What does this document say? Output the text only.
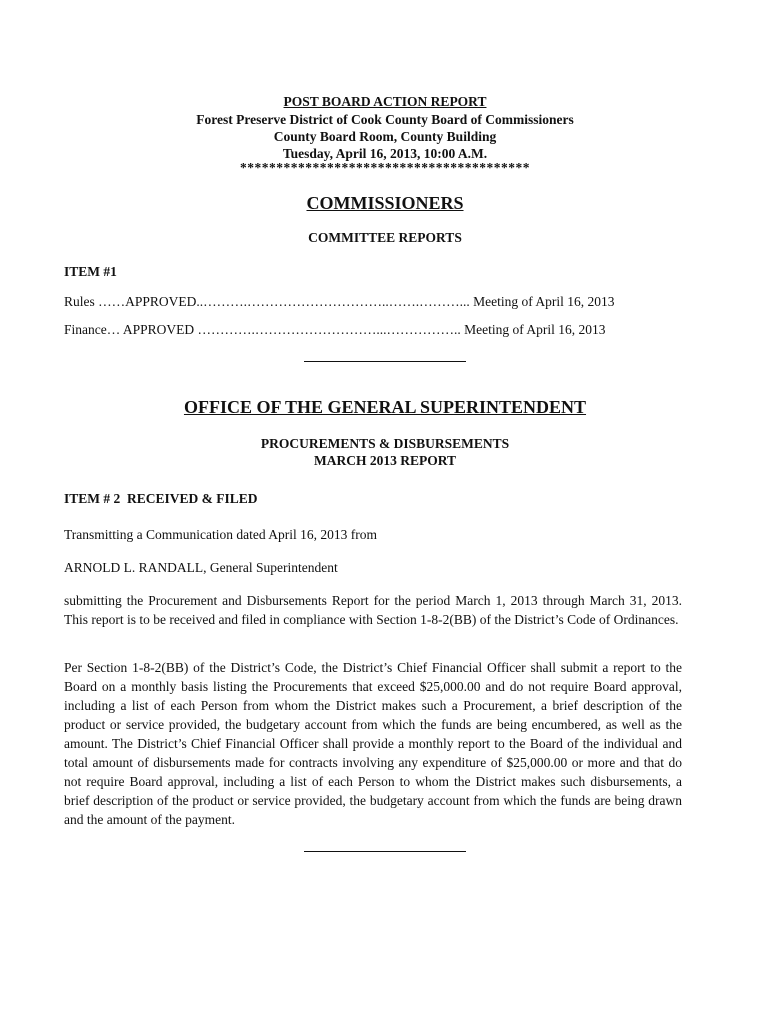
POST BOARD ACTION REPORT
Forest Preserve District of Cook County Board of Commissioners
County Board Room, County Building
Tuesday, April 16, 2013, 10:00 A.M.
****************************************
COMMISSIONERS
COMMITTEE REPORTS
ITEM #1
Rules ……APPROVED..……….…………………………..…….………... Meeting of April 16, 2013
Finance… APPROVED ………….………………………...…………….. Meeting of April 16, 2013
OFFICE OF THE GENERAL SUPERINTENDENT
PROCUREMENTS & DISBURSEMENTS
MARCH 2013 REPORT
ITEM # 2  RECEIVED & FILED
Transmitting a Communication dated April 16, 2013 from
ARNOLD L. RANDALL, General Superintendent
submitting the Procurement and Disbursements Report for the period March 1, 2013 through March 31, 2013. This report is to be received and filed in compliance with Section 1-8-2(BB) of the District’s Code of Ordinances.
Per Section 1-8-2(BB) of the District’s Code, the District’s Chief Financial Officer shall submit a report to the Board on a monthly basis listing the Procurements that exceed $25,000.00 and do not require Board approval, including a list of each Person from whom the District makes such a Procurement, a brief description of the product or service provided, the budgetary account from which the funds are being encumbered, as well as the amount. The District’s Chief Financial Officer shall provide a monthly report to the Board of the individual and total amount of disbursements made for contracts involving any expenditure of $25,000.00 or more and that do not require Board approval, including a list of each Person to whom the District makes such disbursements, a brief description of the product or service provided, the budgetary account from which the funds are being drawn and the amount of the payment.
